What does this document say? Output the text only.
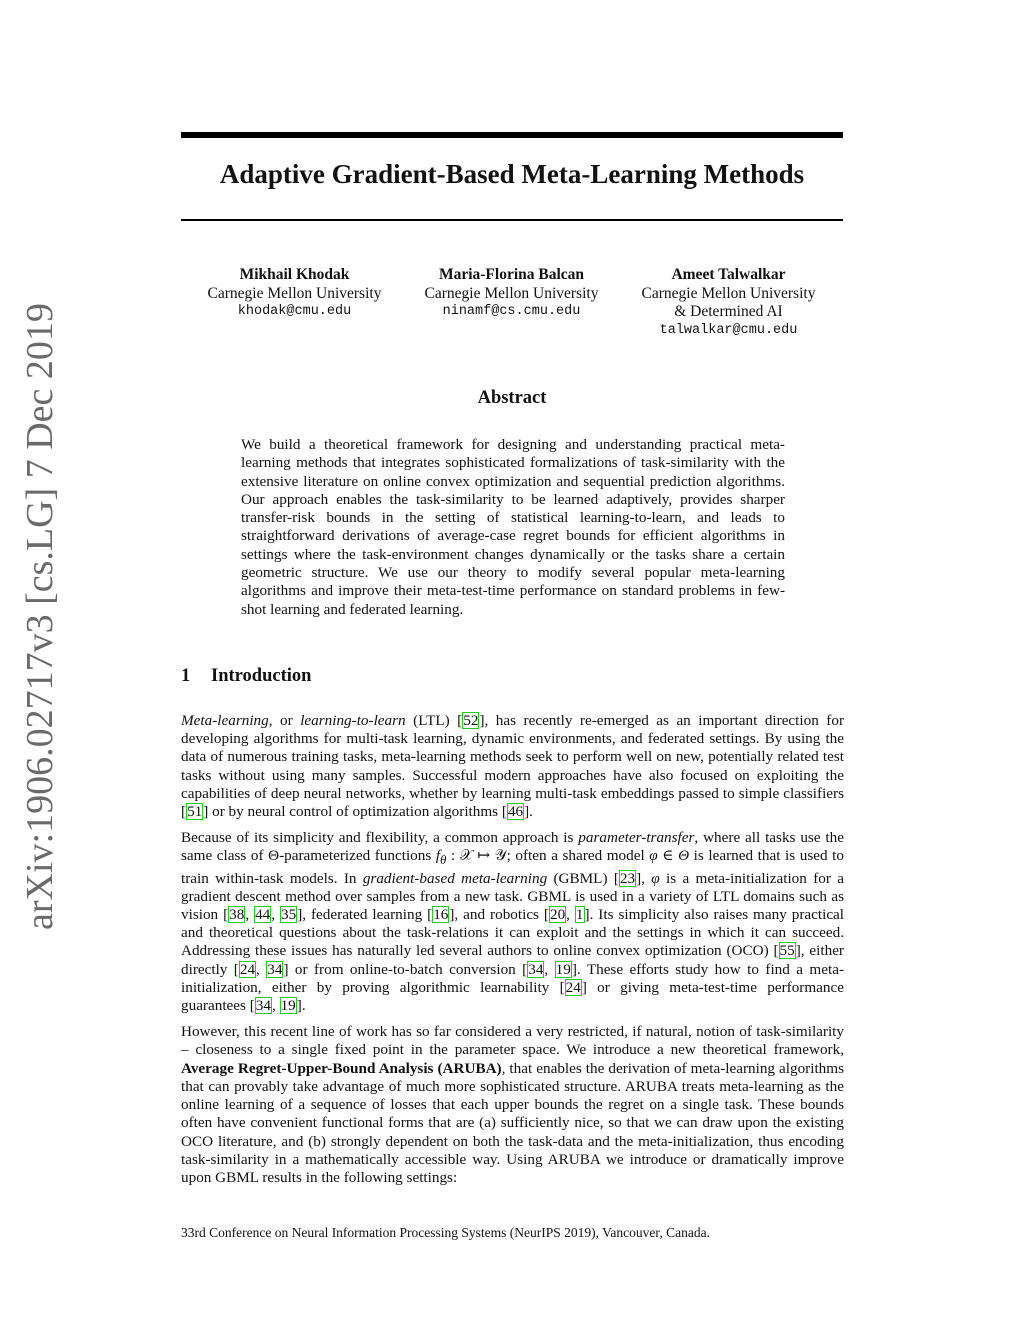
Adaptive Gradient-Based Meta-Learning Methods
arXiv:1906.02717v3 [cs.LG] 7 Dec 2019
Mikhail Khodak
Carnegie Mellon University
khodak@cmu.edu
Maria-Florina Balcan
Carnegie Mellon University
ninamf@cs.cmu.edu
Ameet Talwalkar
Carnegie Mellon University
& Determined AI
talwalkar@cmu.edu
Abstract

We build a theoretical framework for designing and understanding practical meta-learning methods that integrates sophisticated formalizations of task-similarity with the extensive literature on online convex optimization and sequential prediction algorithms. Our approach enables the task-similarity to be learned adaptively, provides sharper transfer-risk bounds in the setting of statistical learning-to-learn, and leads to straightforward derivations of average-case regret bounds for efficient algorithms in settings where the task-environment changes dynamically or the tasks share a certain geometric structure. We use our theory to modify several popular meta-learning algorithms and improve their meta-test-time performance on standard problems in few-shot learning and federated learning.

1 Introduction

Meta-learning, or learning-to-learn (LTL) [52], has recently re-emerged as an important direction for developing algorithms for multi-task learning, dynamic environments, and federated settings. By using the data of numerous training tasks, meta-learning methods seek to perform well on new, potentially related test tasks without using many samples. Successful modern approaches have also focused on exploiting the capabilities of deep neural networks, whether by learning multi-task embeddings passed to simple classifiers [51] or by neural control of optimization algorithms [46].

Because of its simplicity and flexibility, a common approach is parameter-transfer, where all tasks use the same class of Θ-parameterized functions $f_\theta$ : 𝒳 ↦ 𝒴; often a shared model φ ∈ Θ is learned that is used to train within-task models. In gradient-based meta-learning (GBML) [23], φ is a meta-initialization for a gradient descent method over samples from a new task. GBML is used in a variety of LTL domains such as vision [38, 44, 35], federated learning [16], and robotics [20, 1]. Its simplicity also raises many practical and theoretical questions about the task-relations it can exploit and the settings in which it can succeed. Addressing these issues has naturally led several authors to online convex optimization (OCO) [55], either directly [24, 34] or from online-to-batch conversion [34, 19]. These efforts study how to find a meta-initialization, either by proving algorithmic learnability [24] or giving meta-test-time performance guarantees [34, 19].

However, this recent line of work has so far considered a very restricted, if natural, notion of task-similarity – closeness to a single fixed point in the parameter space. We introduce a new theoretical framework, Average Regret-Upper-Bound Analysis (ARUBA), that enables the derivation of meta-learning algorithms that can provably take advantage of much more sophisticated structure. ARUBA treats meta-learning as the online learning of a sequence of losses that each upper bounds the regret on a single task. These bounds often have convenient functional forms that are (a) sufficiently nice, so that we can draw upon the existing OCO literature, and (b) strongly dependent on both the task-data and the meta-initialization, thus encoding task-similarity in a mathematically accessible way. Using ARUBA we introduce or dramatically improve upon GBML results in the following settings:

33rd Conference on Neural Information Processing Systems (NeurIPS 2019), Vancouver, Canada.
